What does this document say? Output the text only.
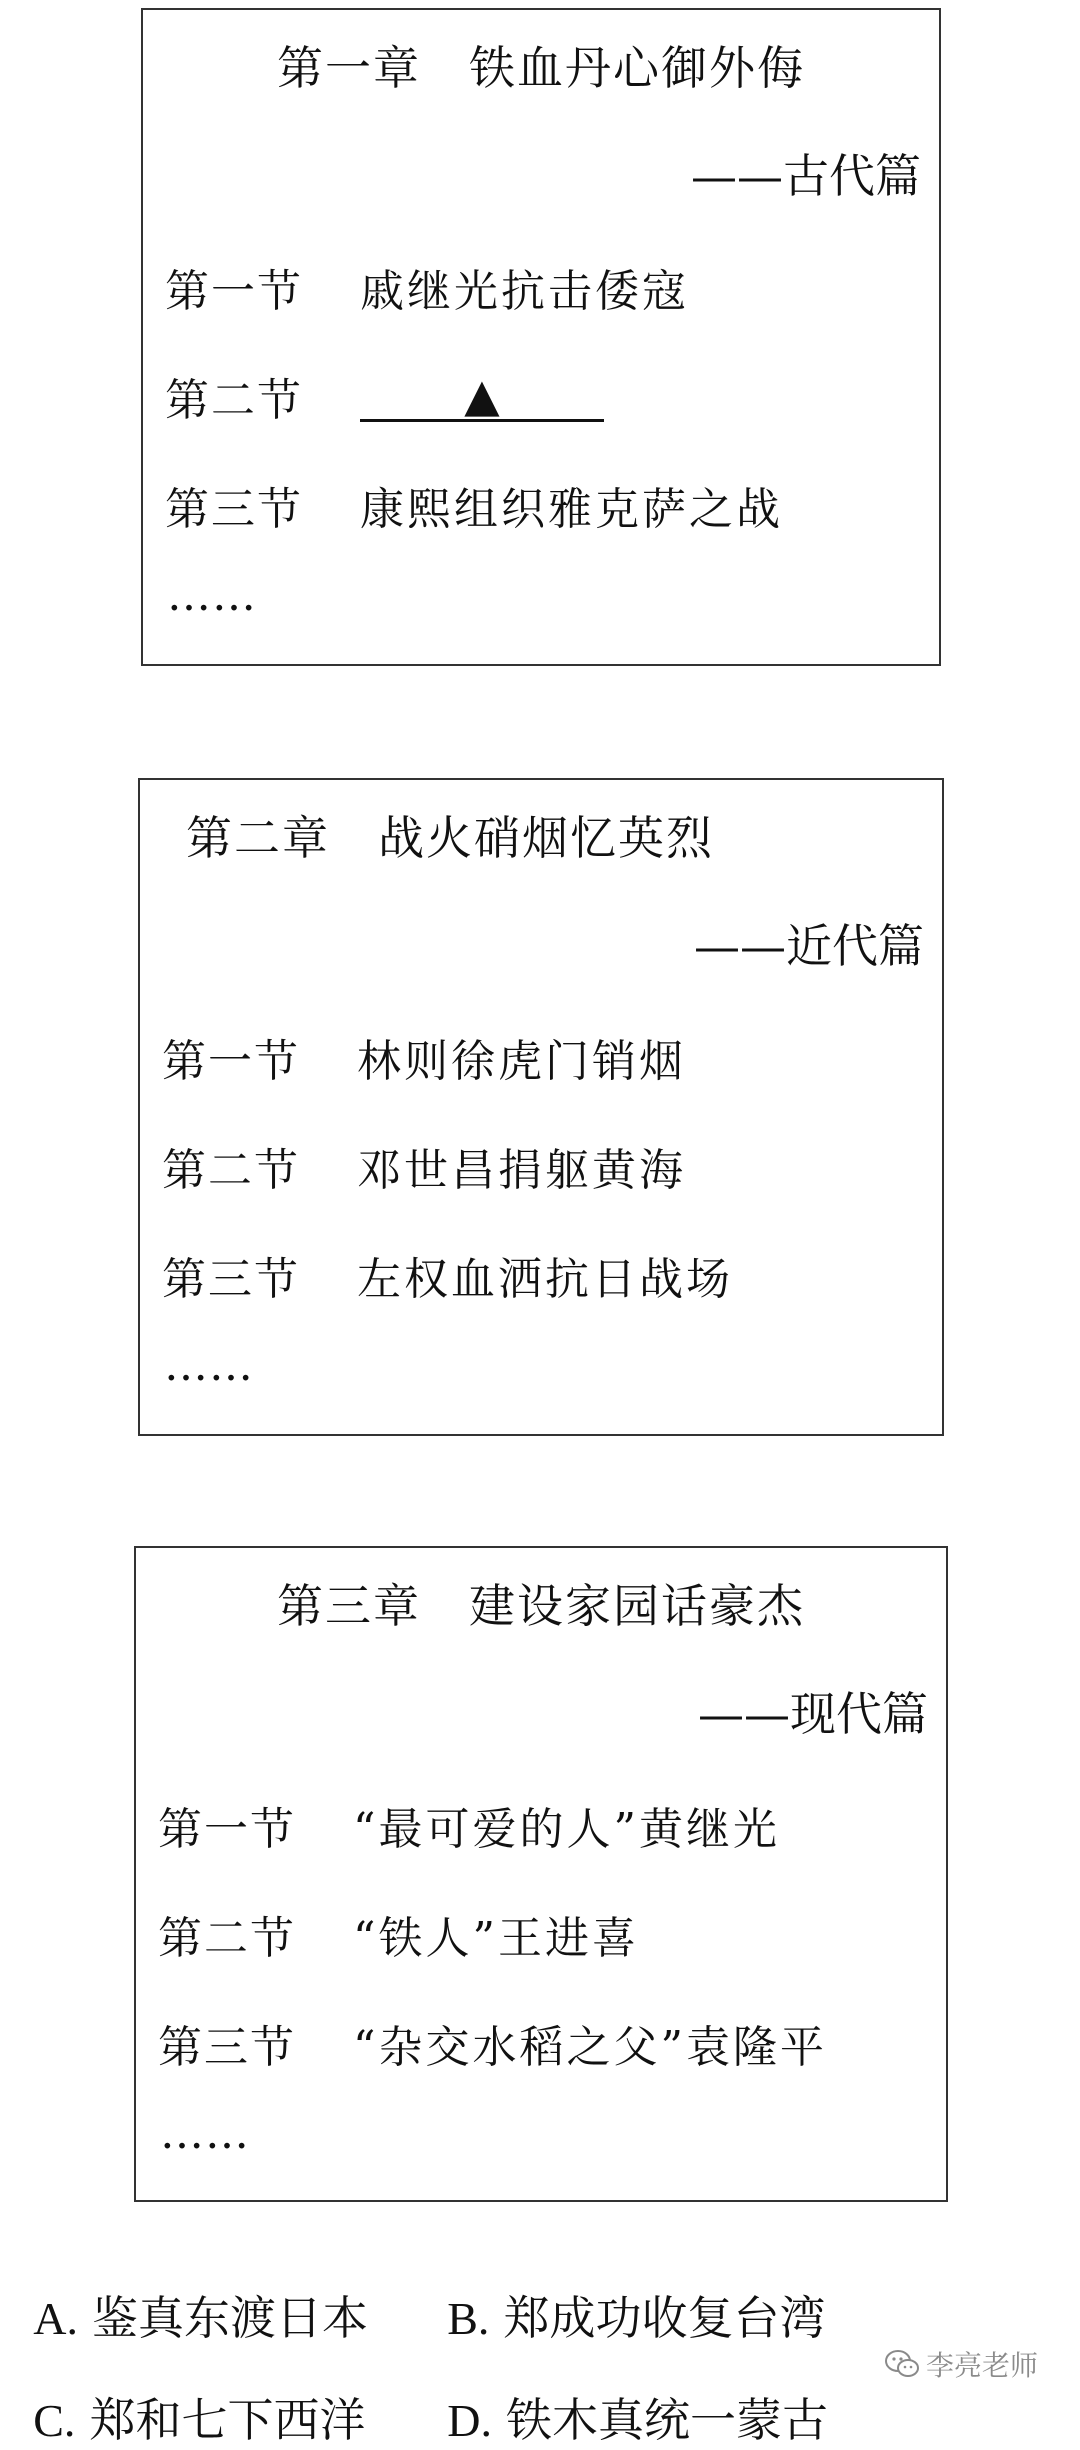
第一章　铁血丹心御外侮
——古代篇
第一节	戚继光抗击倭寇
第二节	▲
第三节	康熙组织雅克萨之战
……
第二章　战火硝烟忆英烈
——近代篇
第一节	林则徐虎门销烟
第二节	邓世昌捐躯黄海
第三节	左权血洒抗日战场
……
第三章　建设家园话豪杰
——现代篇
第一节	“最可爱的人”黄继光
第二节	“铁人”王进喜
第三节	“杂交水稻之父”袁隆平
……

A. 鉴真东渡日本 B. 郑成功收复台湾

C. 郑和七下西洋 D. 铁木真统一蒙古

李亮老师
